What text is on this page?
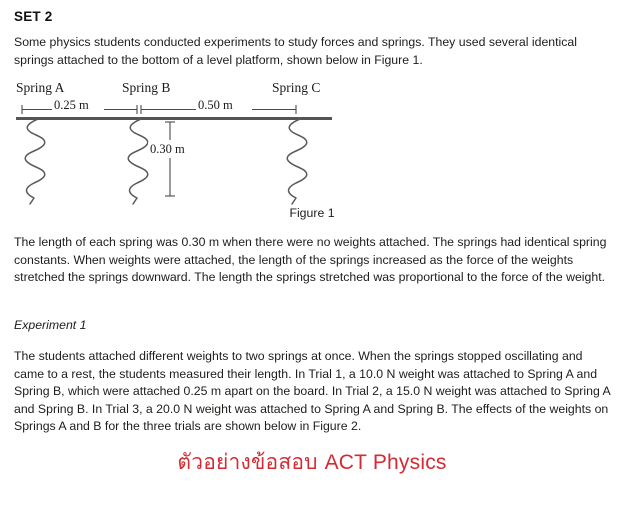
SET 2
Some physics students conducted experiments to study forces and springs. They used several identical springs attached to the bottom of a level platform, shown below in Figure 1.
Spring A	Spring B	Spring C
0.25 m	0.50 m
0.30 m
Figure 1
The length of each spring was 0.30 m when there were no weights attached. The springs had identical spring constants. When weights were attached, the length of the springs increased as the force of the weights stretched the springs downward. The length the springs stretched was proportional to the force of the weight.
Experiment 1
The students attached different weights to two springs at once. When the springs stopped oscillating and came to a rest, the students measured their length. In Trial 1, a 10.0 N weight was attached to Spring A and Spring B, which were attached 0.25 m apart on the board. In Trial 2, a 15.0 N weight was attached to Spring A and Spring B. In Trial 3, a 20.0 N weight was attached to Spring A and Spring B. The effects of the weights on Springs A and B for the three trials are shown below in Figure 2.
ตัวอย่างข้อสอบ ACT Physics
